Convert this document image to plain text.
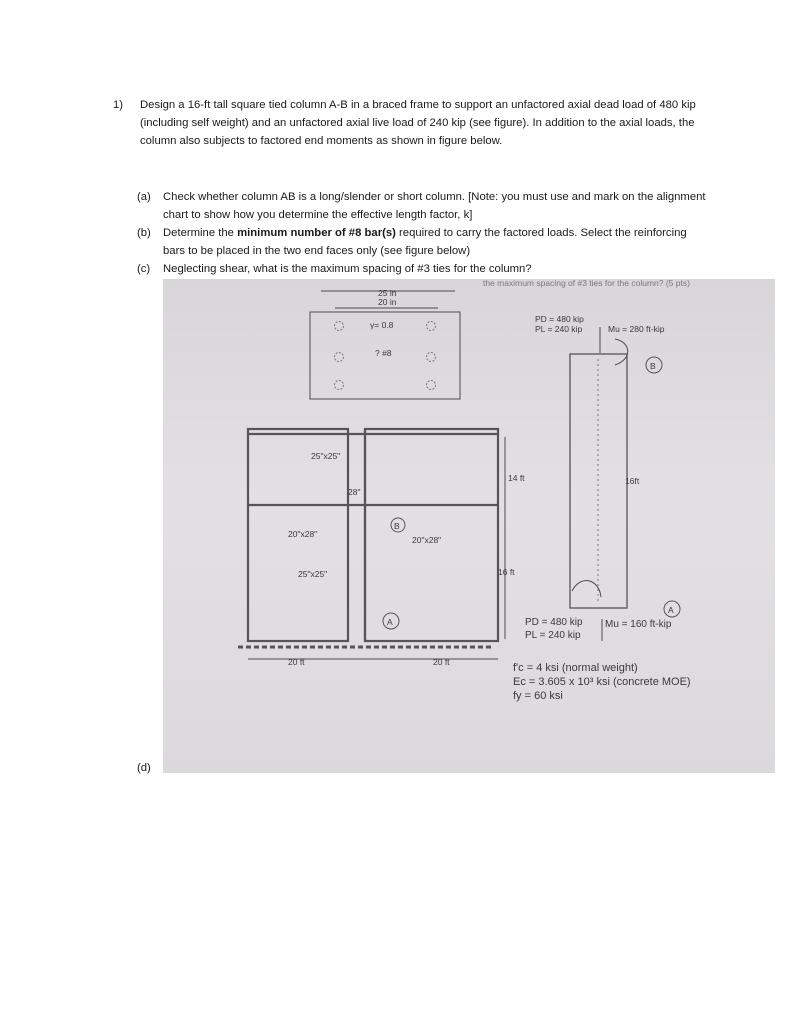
1) Design a 16-ft tall square tied column A-B in a braced frame to support an unfactored axial dead load of 480 kip (including self weight) and an unfactored axial live load of 240 kip (see figure). In addition to the axial loads, the column also subjects to factored end moments as shown in figure below.
(a) Check whether column AB is a long/slender or short column. [Note: you must use and mark on the alignment chart to show how you determine the effective length factor, k]
(b) Determine the minimum number of #8 bar(s) required to carry the factored loads. Select the reinforcing bars to be placed in the two end faces only (see figure below)
(c) Neglecting shear, what is the maximum spacing of #3 ties for the column?
(d)
the maximum spacing of #3 ties for the column? (5 pts)
25 in
20 in
γ= 0.8
? #8
25"x25"
28"
20"x28"
20"x28"
25"x25"
B
A
14 ft
16 ft
20 ft	20 ft
PD = 480 kip
PL = 240 kip	Mu = 280 ft-kip
B
16ft
A
PD = 480 kip
PL = 240 kip
Mu = 160 ft-kip
f'c = 4 ksi (normal weight)
Ec = 3.605 x 10³ ksi (concrete MOE)
fy = 60 ksi
